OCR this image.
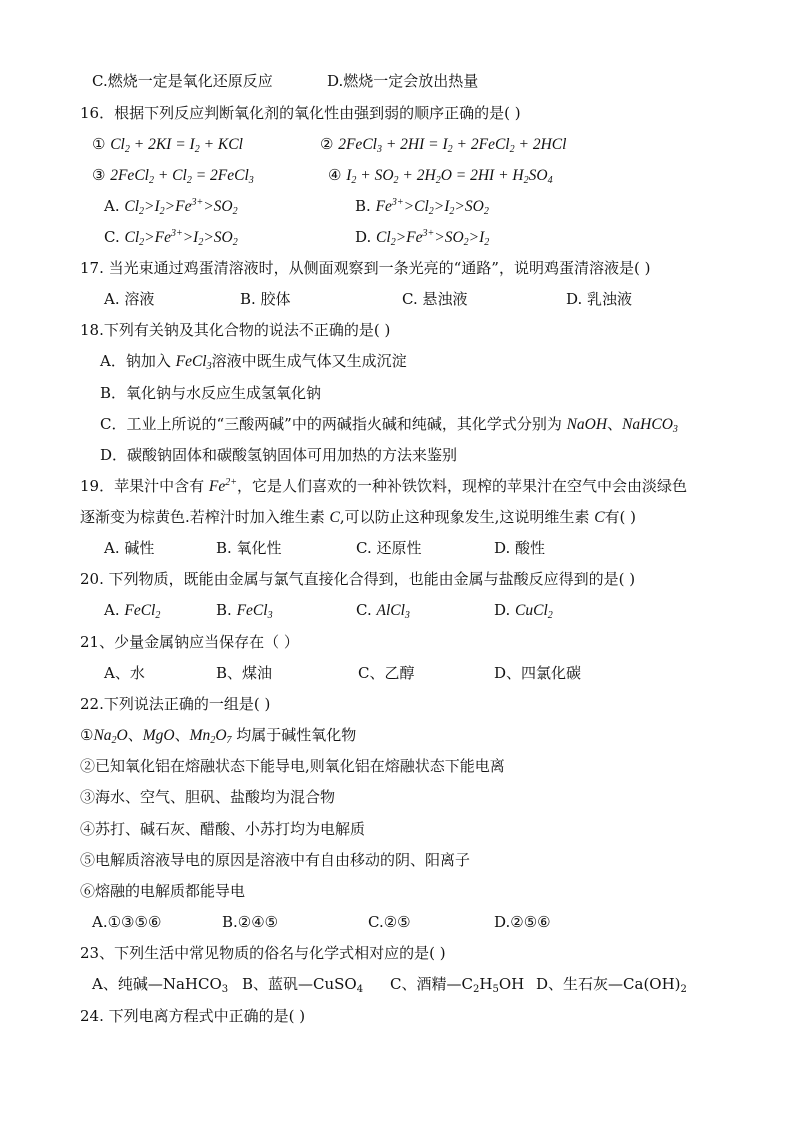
C.燃烧一定是氧化还原反应	D.燃烧一定会放出热量
16．根据下列反应判断氧化剂的氧化性由强到弱的顺序正确的是( )
① $Cl_2 + 2KI = I_2$ + KCl	② 2FeCl$_3$ + $2HI = I_2$ + 2FeCl$_2$ + 2HCl
③ 2FeCl$_2$ + $Cl_2$ = 2FeCl$_3$	④ $I_2 + SO_2 + 2H_2O = 2HI + H_2SO_4$
A. $Cl_2>I_2>Fe^{3+}>SO_2$	B. $Fe^{3+}>Cl_2>I_2>SO_2$
C. $Cl_2>Fe^{3+}>I_2>SO_2$	D. $Cl_2>Fe^{3+}>SO_2>I_2$
17. 当光束通过鸡蛋清溶液时，从侧面观察到一条光亮的“通路”，说明鸡蛋清溶液是( )
A. 溶液	B. 胶体	C. 悬浊液	D. 乳浊液
18.下列有关钠及其化合物的说法不正确的是( )
A．钠加入 FeCl$_3$溶液中既生成气体又生成沉淀
B．氧化钠与水反应生成氢氧化钠
C．工业上所说的“三酸两碱”中的两碱指火碱和纯碱，其化学式分别为 NaOH、NaHCO$_3$
D．碳酸钠固体和碳酸氢钠固体可用加热的方法来鉴别
19．苹果汁中含有 $Fe^{2+}$，它是人们喜欢的一种补铁饮料，现榨的苹果汁在空气中会由淡绿色
逐渐变为棕黄色.若榨汁时加入维生素 C,可以防止这种现象发生,这说明维生素 C有( )
A. 碱性	B. 氧化性	C. 还原性	D. 酸性
20. 下列物质，既能由金属与氯气直接化合得到，也能由金属与盐酸反应得到的是( )
A. FeCl$_2$	B. FeCl$_3$	C. AlCl$_3$	D. CuCl$_2$
21、少量金属钠应当保存在（ ）
A、水	B、煤油	C、乙醇	D、四氯化碳
22.下列说法正确的一组是( )
$①Na_2O$、MgO、$Mn_2O_7$ 均属于碱性氧化物
②已知氧化铝在熔融状态下能导电,则氧化铝在熔融状态下能电离
③海水、空气、胆矾、盐酸均为混合物
④苏打、碱石灰、醋酸、小苏打均为电解质
⑤电解质溶液导电的原因是溶液中有自由移动的阴、阳离子
⑥熔融的电解质都能导电
A.①③⑤⑥	B.②④⑤	C.②⑤	D.②⑤⑥
23、下列生活中常见物质的俗名与化学式相对应的是( )
A、纯碱—NaHCO$_3$ B、蓝矾—CuSO$_4$ C、酒精$—C_2H_5OH$ D、生石灰$—Ca(OH)_2$
24. 下列电离方程式中正确的是( )
